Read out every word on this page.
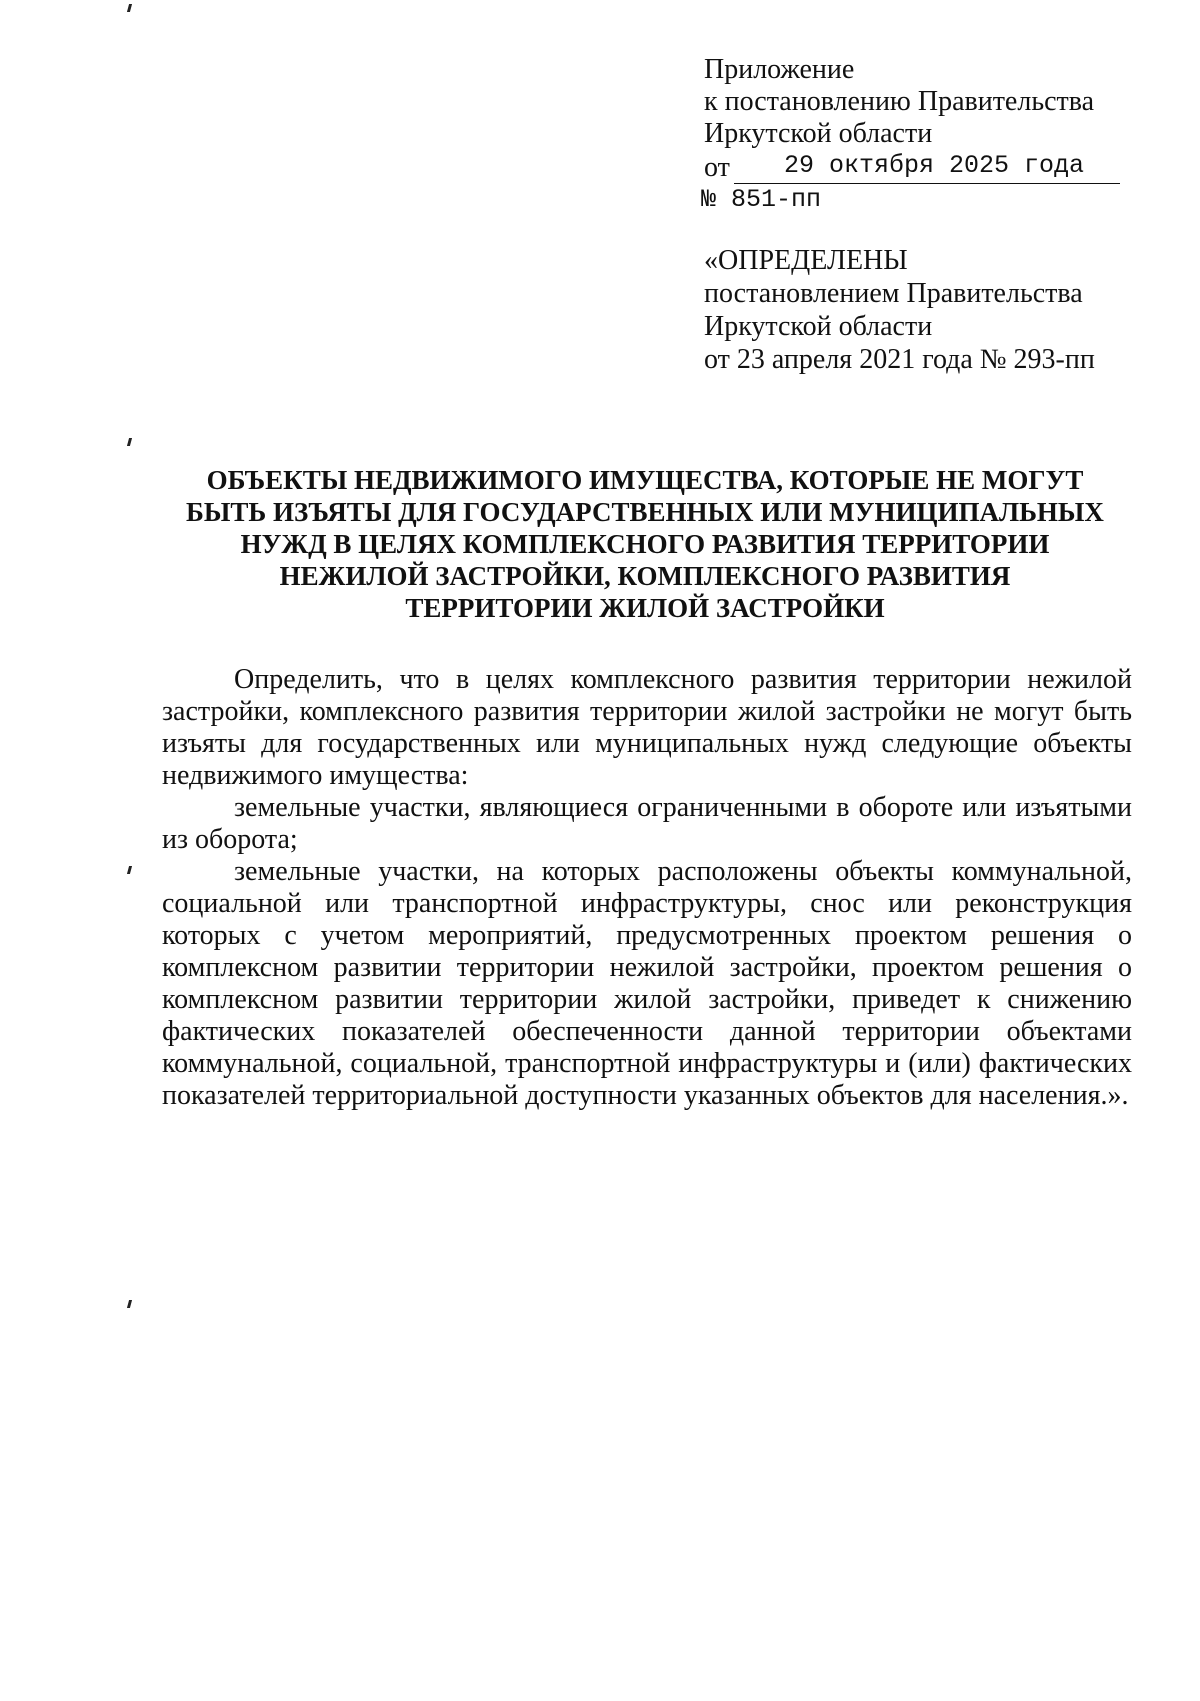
Приложение
к постановлению Правительства
Иркутской области
от 29 октября 2025 года
№ 851-пп
«ОПРЕДЕЛЕНЫ
постановлением Правительства
Иркутской области
от 23 апреля 2021 года № 293-пп
ОБЪЕКТЫ НЕДВИЖИМОГО ИМУЩЕСТВА, КОТОРЫЕ НЕ МОГУТ
БЫТЬ ИЗЪЯТЫ ДЛЯ ГОСУДАРСТВЕННЫХ ИЛИ МУНИЦИПАЛЬНЫХ
НУЖД В ЦЕЛЯХ КОМПЛЕКСНОГО РАЗВИТИЯ ТЕРРИТОРИИ
НЕЖИЛОЙ ЗАСТРОЙКИ, КОМПЛЕКСНОГО РАЗВИТИЯ
ТЕРРИТОРИИ ЖИЛОЙ ЗАСТРОЙКИ

Определить, что в целях комплексного развития территории нежилой застройки, комплексного развития территории жилой застройки не могут быть изъяты для государственных или муниципальных нужд следующие объекты недвижимого имущества:

земельные участки, являющиеся ограниченными в обороте или изъятыми из оборота;

земельные участки, на которых расположены объекты коммунальной, социальной или транспортной инфраструктуры, снос или реконструкция которых с учетом мероприятий, предусмотренных проектом решения о комплексном развитии территории нежилой застройки, проектом решения о комплексном развитии территории жилой застройки, приведет к снижению фактических показателей обеспеченности данной территории объектами коммунальной, социальной, транспортной инфраструктуры и (или) фактических показателей территориальной доступности указанных объектов для населения.».
